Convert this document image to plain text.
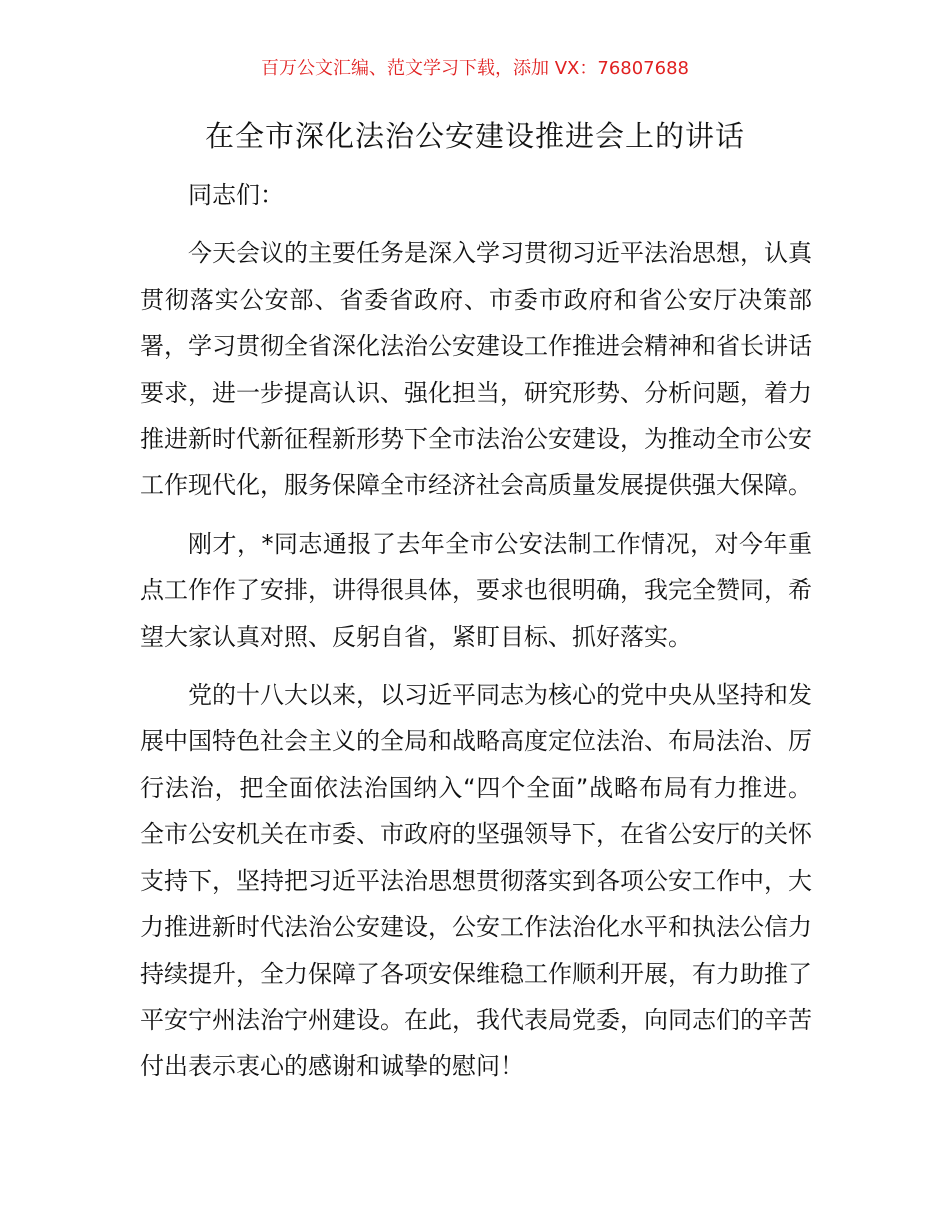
百万公文汇编、范文学习下载，添加 VX：76807688
在全市深化法治公安建设推进会上的讲话

同志们：

今天会议的主要任务是深入学习贯彻习近平法治思想，认真贯彻落实公安部、省委省政府、市委市政府和省公安厅决策部署，学习贯彻全省深化法治公安建设工作推进会精神和省长讲话要求，进一步提高认识、强化担当，研究形势、分析问题，着力推进新时代新征程新形势下全市法治公安建设，为推动全市公安工作现代化，服务保障全市经济社会高质量发展提供强大保障。

刚才，*同志通报了去年全市公安法制工作情况，对今年重点工作作了安排，讲得很具体，要求也很明确，我完全赞同，希望大家认真对照、反躬自省，紧盯目标、抓好落实。

党的十八大以来，以习近平同志为核心的党中央从坚持和发展中国特色社会主义的全局和战略高度定位法治、布局法治、厉行法治，把全面依法治国纳入“四个全面”战略布局有力推进。全市公安机关在市委、市政府的坚强领导下，在省公安厅的关怀支持下，坚持把习近平法治思想贯彻落实到各项公安工作中，大力推进新时代法治公安建设，公安工作法治化水平和执法公信力持续提升，全力保障了各项安保维稳工作顺利开展，有力助推了平安宁州法治宁州建设。在此，我代表局党委，向同志们的辛苦付出表示衷心的感谢和诚挚的慰问！
